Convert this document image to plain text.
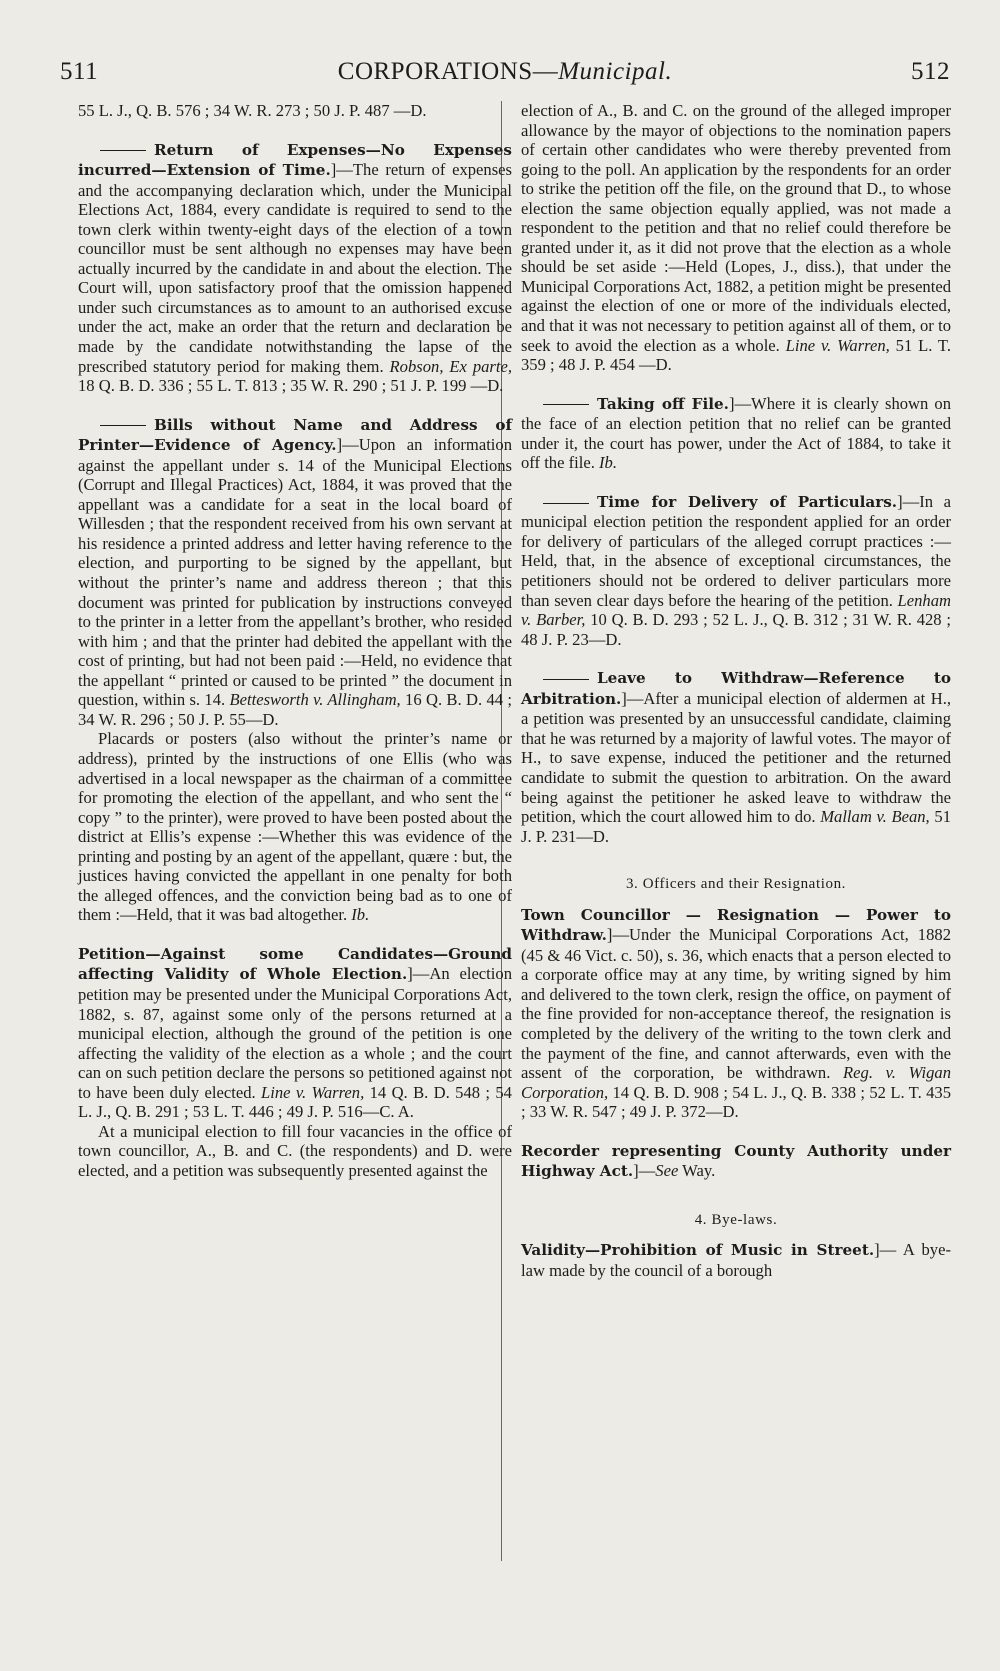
511	CORPORATIONS—Municipal.	512

55 L. J., Q. B. 576 ; 34 W. R. 273 ; 50 J. P. 487 —D.

Return of Expenses—No Expenses incurred—Extension of Time.]—The return of expenses and the accompanying declaration which, under the Municipal Elections Act, 1884, every candidate is required to send to the town clerk within twenty-eight days of the election of a town councillor must be sent although no expenses may have been actually incurred by the candidate in and about the election. The Court will, upon satisfactory proof that the omission happened under such circumstances as to amount to an authorised excuse under the act, make an order that the return and declaration be made by the candidate notwithstanding the lapse of the prescribed statutory period for making them. Robson, Ex parte, 18 Q. B. D. 336 ; 55 L. T. 813 ; 35 W. R. 290 ; 51 J. P. 199 —D.

Bills without Name and Address of Printer—Evidence of Agency.]—Upon an information against the appellant under s. 14 of the Municipal Elections (Corrupt and Illegal Practices) Act, 1884, it was proved that the appellant was a candidate for a seat in the local board of Willesden ; that the respondent received from his own servant at his residence a printed address and letter having reference to the election, and purporting to be signed by the appellant, but without the printer’s name and address thereon ; that this document was printed for publication by instructions conveyed to the printer in a letter from the appellant’s brother, who resided with him ; and that the printer had debited the appellant with the cost of printing, but had not been paid :—Held, no evidence that the appellant “ printed or caused to be printed ” the document in question, within s. 14. Bettesworth v. Allingham, 16 Q. B. D. 44 ; 34 W. R. 296 ; 50 J. P. 55—D.

Placards or posters (also without the printer’s name or address), printed by the instructions of one Ellis (who was advertised in a local newspaper as the chairman of a committee for promoting the election of the appellant, and who sent the “ copy ” to the printer), were proved to have been posted about the district at Ellis’s expense :—Whether this was evidence of the printing and posting by an agent of the appellant, quære : but, the justices having convicted the appellant in one penalty for both the alleged offences, and the conviction being bad as to one of them :—Held, that it was bad altogether. Ib.

Petition—Against some Candidates—Ground affecting Validity of Whole Election.]—An election petition may be presented under the Municipal Corporations Act, 1882, s. 87, against some only of the persons returned at a municipal election, although the ground of the petition is one affecting the validity of the election as a whole ; and the court can on such petition declare the persons so petitioned against not to have been duly elected. Line v. Warren, 14 Q. B. D. 548 ; 54 L. J., Q. B. 291 ; 53 L. T. 446 ; 49 J. P. 516—C. A.

At a municipal election to fill four vacancies in the office of town councillor, A., B. and C. (the respondents) and D. were elected, and a petition was subsequently presented against the

election of A., B. and C. on the ground of the alleged improper allowance by the mayor of objections to the nomination papers of certain other candidates who were thereby prevented from going to the poll. An application by the respondents for an order to strike the petition off the file, on the ground that D., to whose election the same objection equally applied, was not made a respondent to the petition and that no relief could therefore be granted under it, as it did not prove that the election as a whole should be set aside :—Held (Lopes, J., diss.), that under the Municipal Corporations Act, 1882, a petition might be presented against the election of one or more of the individuals elected, and that it was not necessary to petition against all of them, or to seek to avoid the election as a whole. Line v. Warren, 51 L. T. 359 ; 48 J. P. 454 —D.

Taking off File.]—Where it is clearly shown on the face of an election petition that no relief can be granted under it, the court has power, under the Act of 1884, to take it off the file. Ib.

Time for Delivery of Particulars.]—In a municipal election petition the respondent applied for an order for delivery of particulars of the alleged corrupt practices :—Held, that, in the absence of exceptional circumstances, the petitioners should not be ordered to deliver particulars more than seven clear days before the hearing of the petition. Lenham v. Barber, 10 Q. B. D. 293 ; 52 L. J., Q. B. 312 ; 31 W. R. 428 ; 48 J. P. 23—D.

Leave to Withdraw—Reference to Arbitration.]—After a municipal election of aldermen at H., a petition was presented by an unsuccessful candidate, claiming that he was returned by a majority of lawful votes. The mayor of H., to save expense, induced the petitioner and the returned candidate to submit the question to arbitration. On the award being against the petitioner he asked leave to withdraw the petition, which the court allowed him to do. Mallam v. Bean, 51 J. P. 231—D.

3. Officers and their Resignation.

Town Councillor — Resignation — Power to Withdraw.]—Under the Municipal Corporations Act, 1882 (45 & 46 Vict. c. 50), s. 36, which enacts that a person elected to a corporate office may at any time, by writing signed by him and delivered to the town clerk, resign the office, on payment of the fine provided for non-acceptance thereof, the resignation is completed by the delivery of the writing to the town clerk and the payment of the fine, and cannot afterwards, even with the assent of the corporation, be withdrawn. Reg. v. Wigan Corporation, 14 Q. B. D. 908 ; 54 L. J., Q. B. 338 ; 52 L. T. 435 ; 33 W. R. 547 ; 49 J. P. 372—D.

Recorder representing County Authority under Highway Act.]—See Way.

4. Bye-laws.

Validity—Prohibition of Music in Street.]— A bye-law made by the council of a borough
